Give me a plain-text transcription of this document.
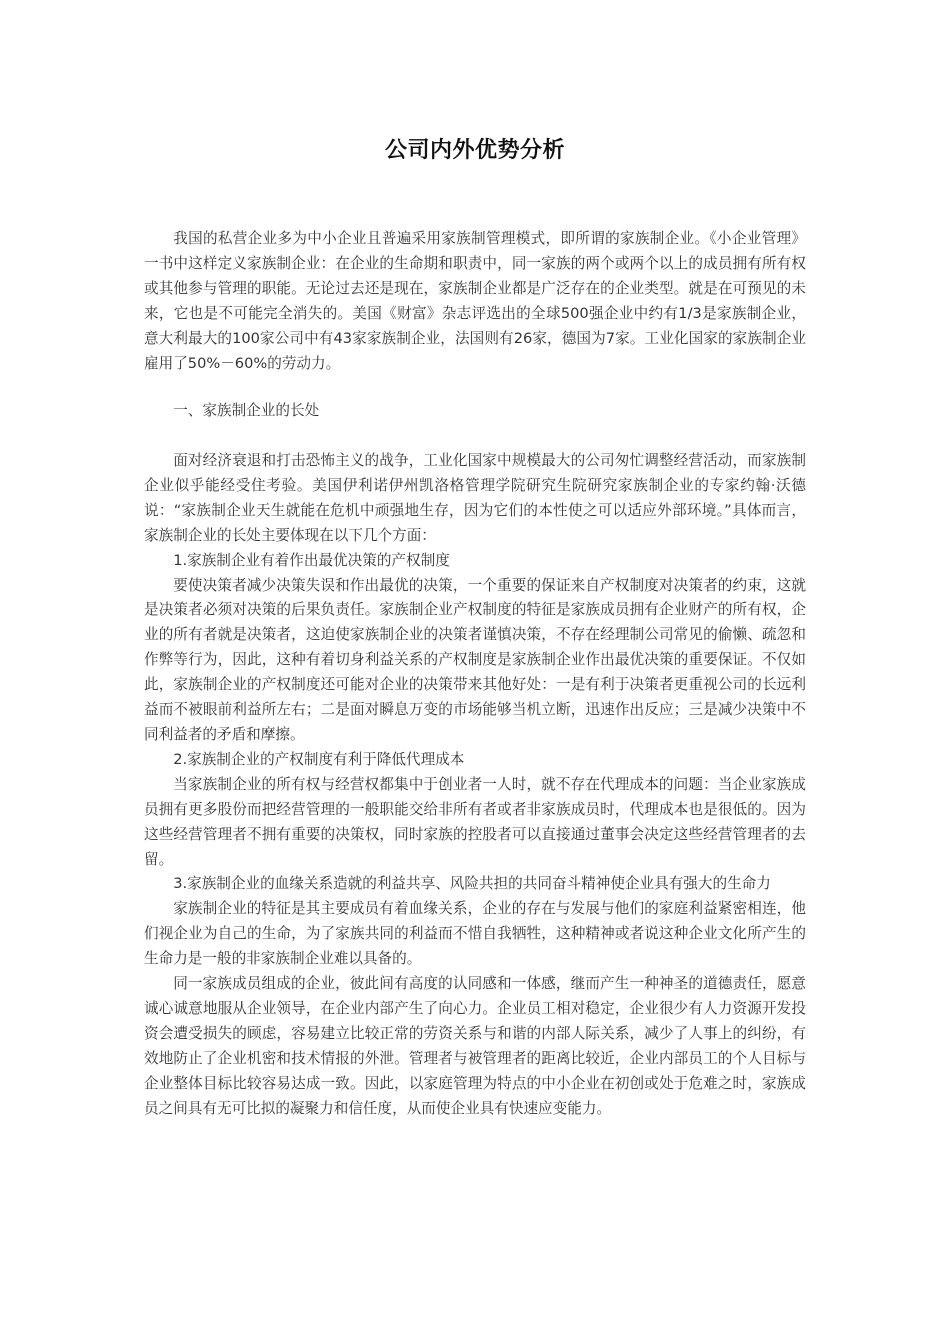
公司内外优势分析

我国的私营企业多为中小企业且普遍采用家族制管理模式，即所谓的家族制企业。《小企业管理》一书中这样定义家族制企业：在企业的生命期和职责中，同一家族的两个或两个以上的成员拥有所有权或其他参与管理的职能。无论过去还是现在，家族制企业都是广泛存在的企业类型。就是在可预见的未来，它也是不可能完全消失的。美国《财富》杂志评选出的全球500强企业中约有1/3是家族制企业，意大利最大的100家公司中有43家家族制企业，法国则有26家，德国为7家。工业化国家的家族制企业雇用了50%－60%的劳动力。

一、家族制企业的长处

面对经济衰退和打击恐怖主义的战争，工业化国家中规模最大的公司匆忙调整经营活动，而家族制企业似乎能经受住考验。美国伊利诺伊州凯洛格管理学院研究生院研究家族制企业的专家约翰·沃德说：“家族制企业天生就能在危机中顽强地生存，因为它们的本性使之可以适应外部环境。”具体而言，家族制企业的长处主要体现在以下几个方面：

1.家族制企业有着作出最优决策的产权制度

要使决策者减少决策失误和作出最优的决策，一个重要的保证来自产权制度对决策者的约束，这就是决策者必须对决策的后果负责任。家族制企业产权制度的特征是家族成员拥有企业财产的所有权，企业的所有者就是决策者，这迫使家族制企业的决策者谨慎决策，不存在经理制公司常见的偷懒、疏忽和作弊等行为，因此，这种有着切身利益关系的产权制度是家族制企业作出最优决策的重要保证。不仅如此，家族制企业的产权制度还可能对企业的决策带来其他好处：一是有利于决策者更重视公司的长远利益而不被眼前利益所左右；二是面对瞬息万变的市场能够当机立断，迅速作出反应；三是减少决策中不同利益者的矛盾和摩擦。

2.家族制企业的产权制度有利于降低代理成本

当家族制企业的所有权与经营权都集中于创业者一人时，就不存在代理成本的问题：当企业家族成员拥有更多股份而把经营管理的一般职能交给非所有者或者非家族成员时，代理成本也是很低的。因为这些经营管理者不拥有重要的决策权，同时家族的控股者可以直接通过董事会决定这些经营管理者的去留。

3.家族制企业的血缘关系造就的利益共享、风险共担的共同奋斗精神使企业具有强大的生命力

家族制企业的特征是其主要成员有着血缘关系，企业的存在与发展与他们的家庭利益紧密相连，他们视企业为自己的生命，为了家族共同的利益而不惜自我牺牲，这种精神或者说这种企业文化所产生的生命力是一般的非家族制企业难以具备的。

同一家族成员组成的企业，彼此间有高度的认同感和一体感，继而产生一种神圣的道德责任，愿意诚心诚意地服从企业领导，在企业内部产生了向心力。企业员工相对稳定，企业很少有人力资源开发投资会遭受损失的顾虑，容易建立比较正常的劳资关系与和谐的内部人际关系，减少了人事上的纠纷，有效地防止了企业机密和技术情报的外泄。管理者与被管理者的距离比较近，企业内部员工的个人目标与企业整体目标比较容易达成一致。因此，以家庭管理为特点的中小企业在初创或处于危难之时，家族成员之间具有无可比拟的凝聚力和信任度，从而使企业具有快速应变能力。
